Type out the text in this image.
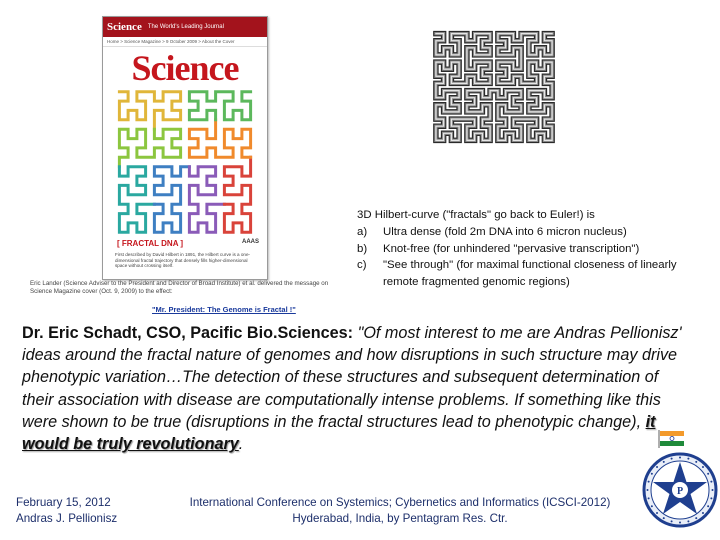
Science The World's Leading Journal
Home > Science Magazine > 9 October 2009 > About the Cover
Science
[ FRACTAL DNA ]	AAAS
First described by David Hilbert in 1891, the Hilbert curve is a one-dimensional fractal trajectory that densely fills higher-dimensional space without crossing itself.
Eric Lander (Science Adviser to the President and Director of Broad Institute) et al. delivered the message on Science Magazine cover (Oct. 9, 2009) to the effect:
"Mr. President: The Genome is Fractal !"
3D Hilbert-curve ("fractals" go back to Euler!) is
a)	Ultra dense (fold 2m DNA into 6 micron nucleus)
b)	Knot-free (for unhindered "pervasive transcription")
c)	"See through" (for maximal functional closeness of linearly remote fragmented genomic regions)
Dr. Eric Schadt, CSO, Pacific Bio.Sciences: "Of most interest to me are Andras Pellionisz' ideas around the fractal nature of genomes and how disruptions in such structure may drive phenotypic variation…The detection of these structures and subsequent determination of their association with disease are computationally intense problems. If something like this were shown to be true (disruptions in the fractal structures lead to phenotypic change), it would be truly revolutionary.
February 15, 2012
Andras J. Pellionisz
International Conference on Systemics; Cybernetics and Informatics (ICSCI-2012)
Hyderabad, India, by Pentagram Res. Ctr.
P
